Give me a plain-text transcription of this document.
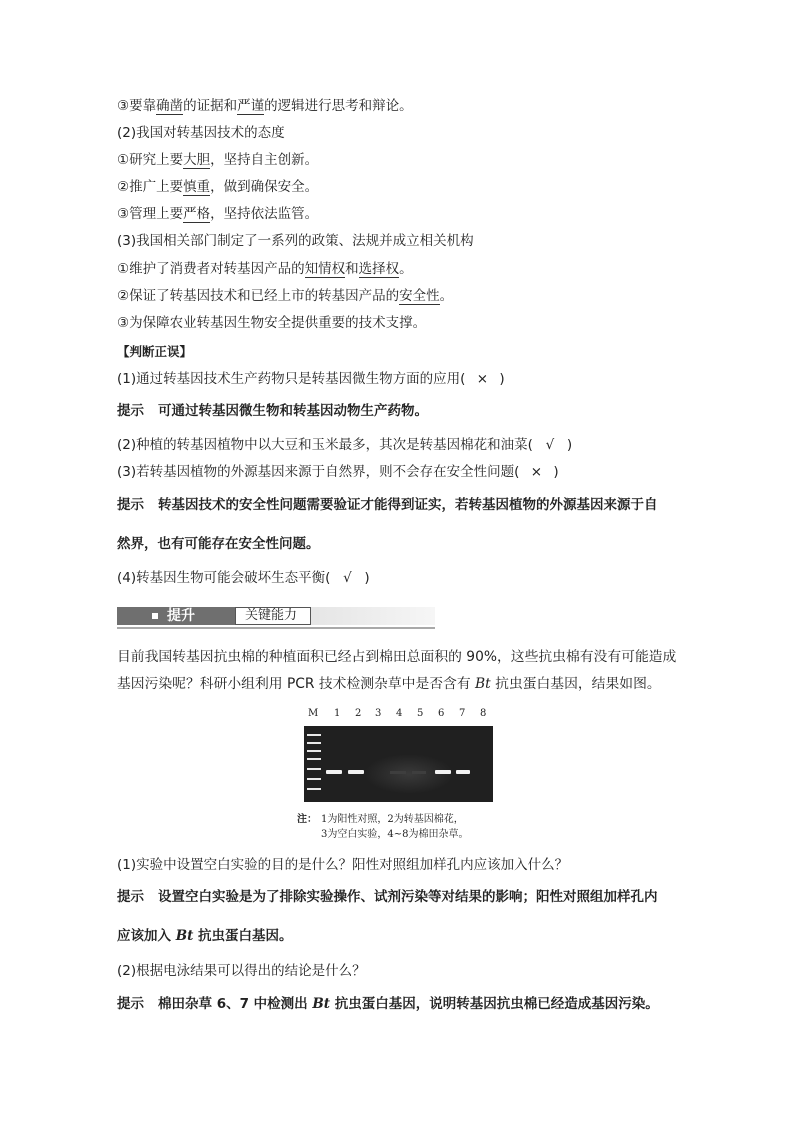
③要靠确凿的证据和严谨的逻辑进行思考和辩论。
(2)我国对转基因技术的态度
①研究上要大胆，坚持自主创新。
②推广上要慎重，做到确保安全。
③管理上要严格，坚持依法监管。
(3)我国相关部门制定了一系列的政策、法规并成立相关机构
①维护了消费者对转基因产品的知情权和选择权。
②保证了转基因技术和已经上市的转基因产品的安全性。
③为保障农业转基因生物安全提供重要的技术支撑。
【判断正误】
(1)通过转基因技术生产药物只是转基因微生物方面的应用( × )
提示 可通过转基因微生物和转基因动物生产药物。
(2)种植的转基因植物中以大豆和玉米最多，其次是转基因棉花和油菜( √ )
(3)若转基因植物的外源基因来源于自然界，则不会存在安全性问题( × )
提示 转基因技术的安全性问题需要验证才能得到证实，若转基因植物的外源基因来源于自
然界，也有可能存在安全性问题。
(4)转基因生物可能会破坏生态平衡( √ )
提升	关键能力
目前我国转基因抗虫棉的种植面积已经占到棉田总面积的 90%，这些抗虫棉有没有可能造成
基因污染呢？科研小组利用 PCR 技术检测杂草中是否含有 Bt 抗虫蛋白基因，结果如图。
M 1 2 3 4 5 6 7 8
注： 1为阳性对照，2为转基因棉花，
3为空白实验，4~8为棉田杂草。
(1)实验中设置空白实验的目的是什么？阳性对照组加样孔内应该加入什么？
提示 设置空白实验是为了排除实验操作、试剂污染等对结果的影响；阳性对照组加样孔内
应该加入 Bt 抗虫蛋白基因。
(2)根据电泳结果可以得出的结论是什么？
提示 棉田杂草 6、7 中检测出 Bt 抗虫蛋白基因，说明转基因抗虫棉已经造成基因污染。
